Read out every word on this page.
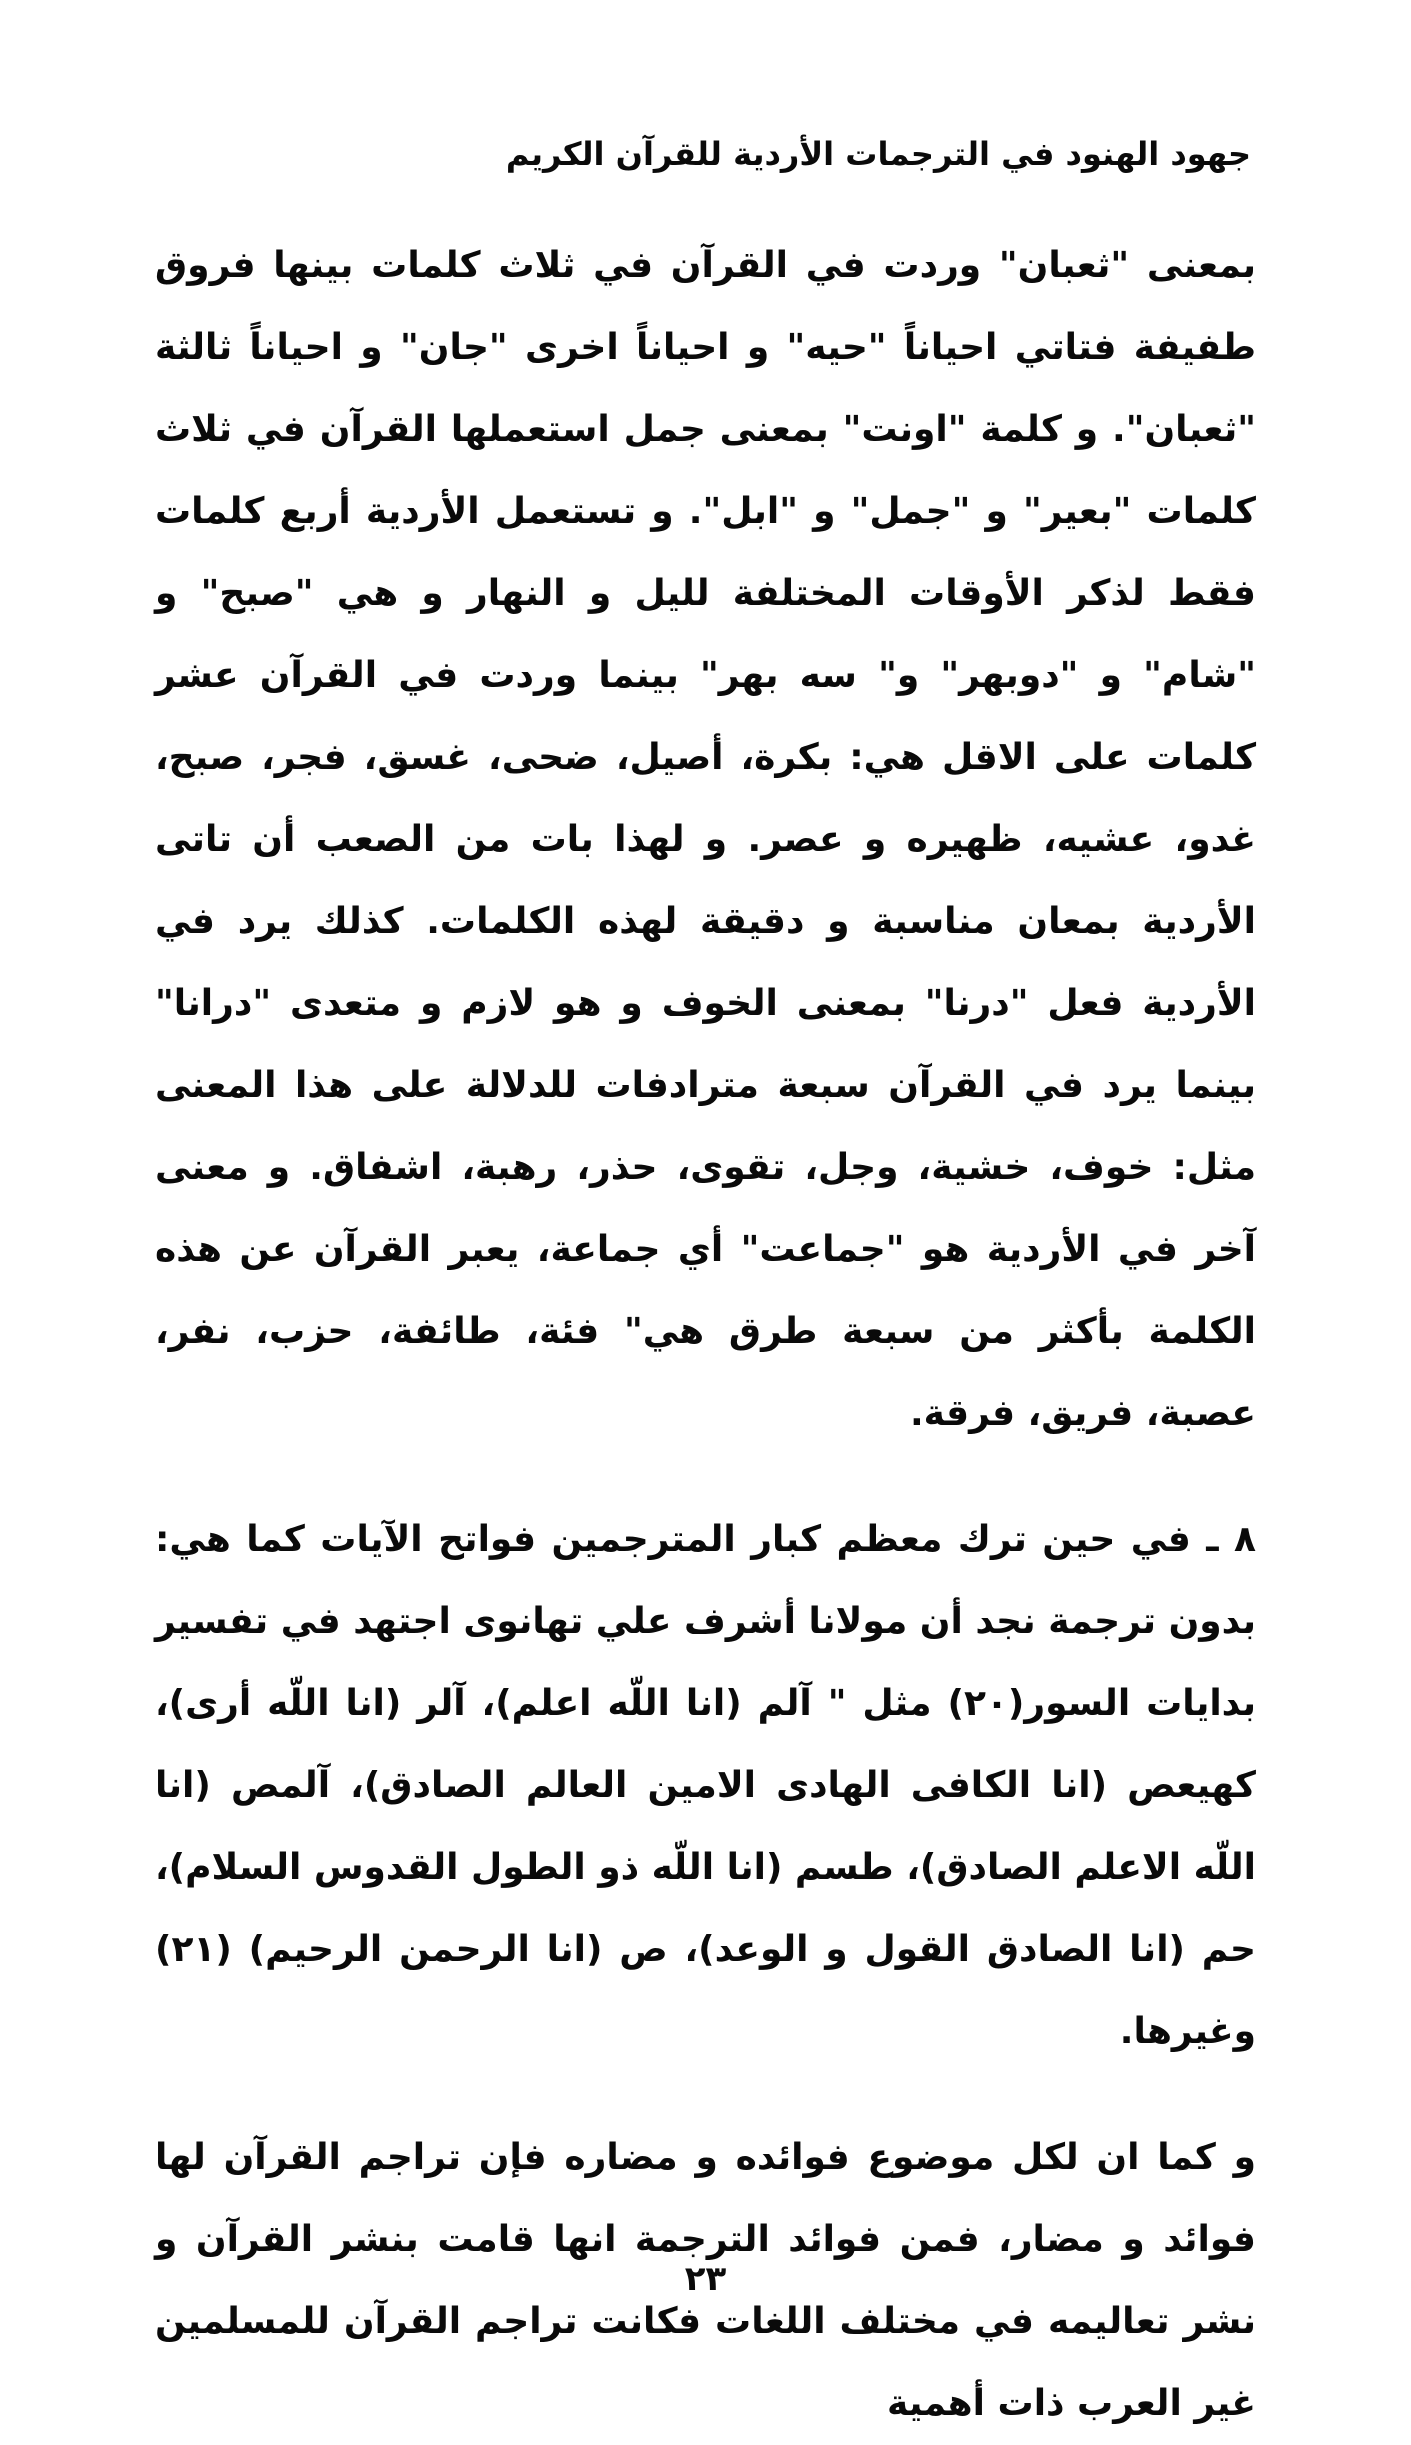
جهود الهنود في الترجمات الأردية للقرآن الكريم

بمعنى "ثعبان" وردت في القرآن في ثلاث كلمات بينها فروق طفيفة فتاتي احياناً "حيه" و احياناً اخرى "جان" و احياناً ثالثة "ثعبان". و كلمة "اونت" بمعنى جمل استعملها القرآن في ثلاث كلمات "بعير" و "جمل" و "ابل". و تستعمل الأردية أربع كلمات فقط لذكر الأوقات المختلفة لليل و النهار و هي "صبح" و "شام" و "دوبهر" و" سه بهر" بينما وردت في القرآن عشر كلمات على الاقل هي: بكرة، أصيل، ضحى، غسق، فجر، صبح، غدو، عشيه، ظهيره و عصر. و لهذا بات من الصعب أن تاتى الأردية بمعان مناسبة و دقيقة لهذه الكلمات. كذلك يرد في الأردية فعل "درنا" بمعنى الخوف و هو لازم و متعدى "درانا" بينما يرد في القرآن سبعة مترادفات للدلالة على هذا المعنى مثل: خوف، خشية، وجل، تقوى، حذر، رهبة، اشفاق. و معنى آخر في الأردية هو "جماعت" أي جماعة، يعبر القرآن عن هذه الكلمة بأكثر من سبعة طرق هي" فئة، طائفة، حزب، نفر، عصبة، فريق، فرقة.

٨ ـ في حين ترك معظم كبار المترجمين فواتح الآيات كما هي: بدون ترجمة نجد أن مولانا أشرف علي تهانوى اجتهد في تفسير بدايات السور(٢٠) مثل " آلم (انا اللّه اعلم)، آلر (انا اللّه أرى)، كهيعص (انا الكافى الهادى الامين العالم الصادق)، آلمص (انا اللّه الاعلم الصادق)، طسم (انا اللّه ذو الطول القدوس السلام)، حم (انا الصادق القول و الوعد)، ص (انا الرحمن الرحيم) (٢١) وغيرها.

و كما ان لكل موضوع فوائده و مضاره فإن تراجم القرآن لها فوائد و مضار، فمن فوائد الترجمة انها قامت بنشر القرآن و نشر تعاليمه في مختلف اللغات فكانت تراجم القرآن للمسلمين غير العرب ذات أهمية

٢٣
